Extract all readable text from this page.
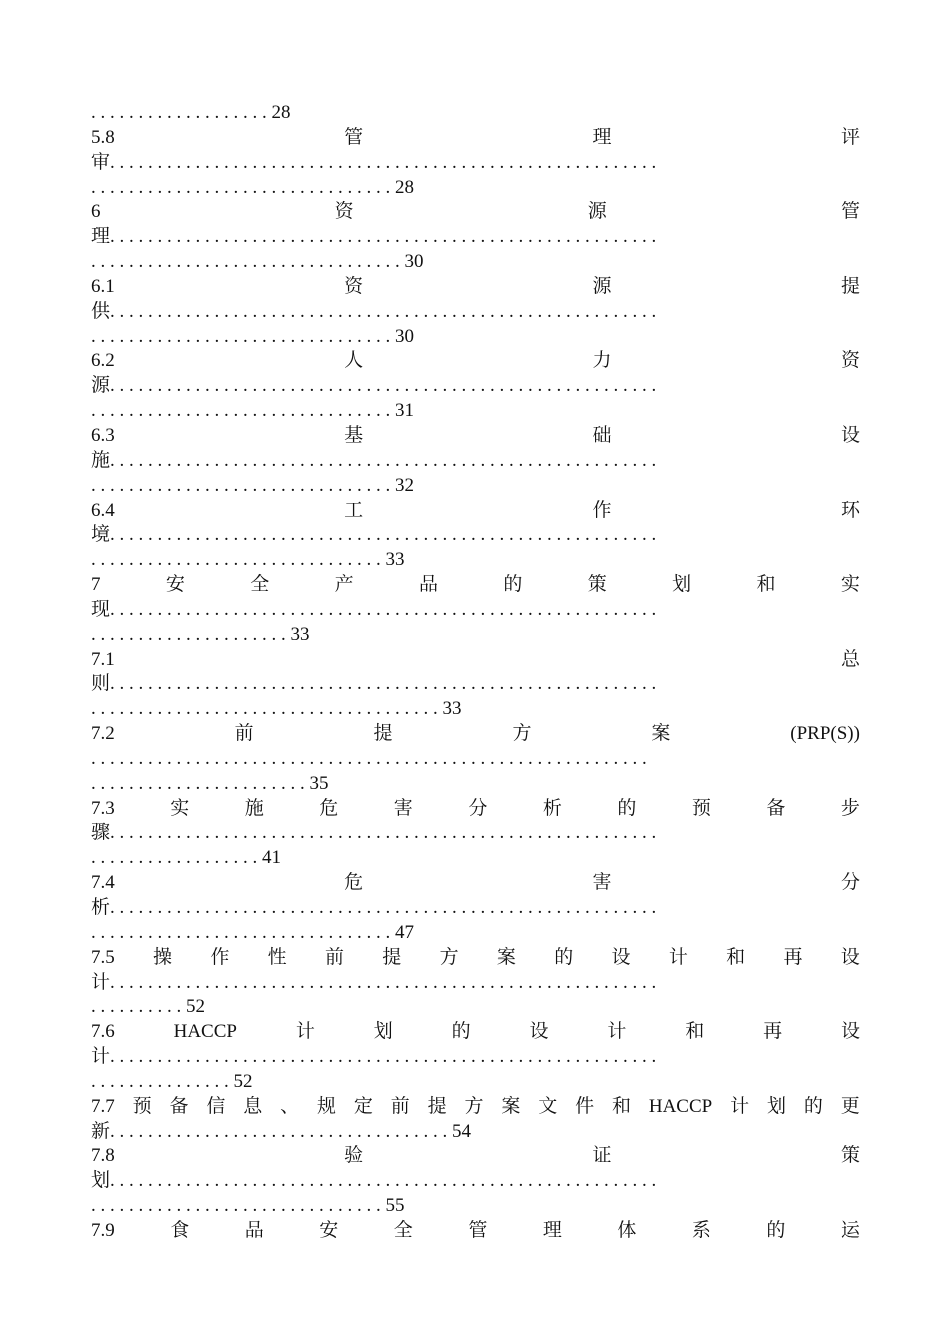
. . . . . . . . . . . . . . . . . . . 28
5.8	管	理	评
审. . . . . . . . . . . . . . . . . . . . . . . . . . . . . . . . . . . . . . . . . . . . . . . . . . . . . . . . . .
. . . . . . . . . . . . . . . . . . . . . . . . . . . . . . . . 28
6	资	源	管
理. . . . . . . . . . . . . . . . . . . . . . . . . . . . . . . . . . . . . . . . . . . . . . . . . . . . . . . . . .
. . . . . . . . . . . . . . . . . . . . . . . . . . . . . . . . . 30
6.1	资	源	提
供. . . . . . . . . . . . . . . . . . . . . . . . . . . . . . . . . . . . . . . . . . . . . . . . . . . . . . . . . .
. . . . . . . . . . . . . . . . . . . . . . . . . . . . . . . . 30
6.2	人	力	资
源. . . . . . . . . . . . . . . . . . . . . . . . . . . . . . . . . . . . . . . . . . . . . . . . . . . . . . . . . .
. . . . . . . . . . . . . . . . . . . . . . . . . . . . . . . . 31
6.3	基	础	设
施. . . . . . . . . . . . . . . . . . . . . . . . . . . . . . . . . . . . . . . . . . . . . . . . . . . . . . . . . .
. . . . . . . . . . . . . . . . . . . . . . . . . . . . . . . . 32
6.4	工	作	环
境. . . . . . . . . . . . . . . . . . . . . . . . . . . . . . . . . . . . . . . . . . . . . . . . . . . . . . . . . .
. . . . . . . . . . . . . . . . . . . . . . . . . . . . . . . 33
7	安	全	产	品	的	策	划	和	实
现. . . . . . . . . . . . . . . . . . . . . . . . . . . . . . . . . . . . . . . . . . . . . . . . . . . . . . . . . .
. . . . . . . . . . . . . . . . . . . . . 33
7.1	总
则. . . . . . . . . . . . . . . . . . . . . . . . . . . . . . . . . . . . . . . . . . . . . . . . . . . . . . . . . .
. . . . . . . . . . . . . . . . . . . . . . . . . . . . . . . . . . . . . 33
7.2	前	提	方	案	(PRP(S))
. . . . . . . . . . . . . . . . . . . . . . . . . . . . . . . . . . . . . . . . . . . . . . . . . . . . . . . . . . .
. . . . . . . . . . . . . . . . . . . . . . . 35
7.3	实	施	危	害	分	析	的	预	备	步
骤. . . . . . . . . . . . . . . . . . . . . . . . . . . . . . . . . . . . . . . . . . . . . . . . . . . . . . . . . .
. . . . . . . . . . . . . . . . . . 41
7.4	危	害	分
析. . . . . . . . . . . . . . . . . . . . . . . . . . . . . . . . . . . . . . . . . . . . . . . . . . . . . . . . . .
. . . . . . . . . . . . . . . . . . . . . . . . . . . . . . . . 47
7.5 操 作 性 前 提 方 案 的 设 计 和 再 设
计. . . . . . . . . . . . . . . . . . . . . . . . . . . . . . . . . . . . . . . . . . . . . . . . . . . . . . . . . .
. . . . . . . . . . 52
7.6	HACCP	计	划	的	设	计	和	再	设
计. . . . . . . . . . . . . . . . . . . . . . . . . . . . . . . . . . . . . . . . . . . . . . . . . . . . . . . . . .
. . . . . . . . . . . . . . . 52
7.7 预 备 信 息 、 规 定 前 提 方 案 文 件 和 HACCP 计 划 的 更
新. . . . . . . . . . . . . . . . . . . . . . . . . . . . . . . . . . . . 54
7.8	验	证	策
划. . . . . . . . . . . . . . . . . . . . . . . . . . . . . . . . . . . . . . . . . . . . . . . . . . . . . . . . . .
. . . . . . . . . . . . . . . . . . . . . . . . . . . . . . . 55
7.9	食	品	安	全	管	理	体	系	的	运
